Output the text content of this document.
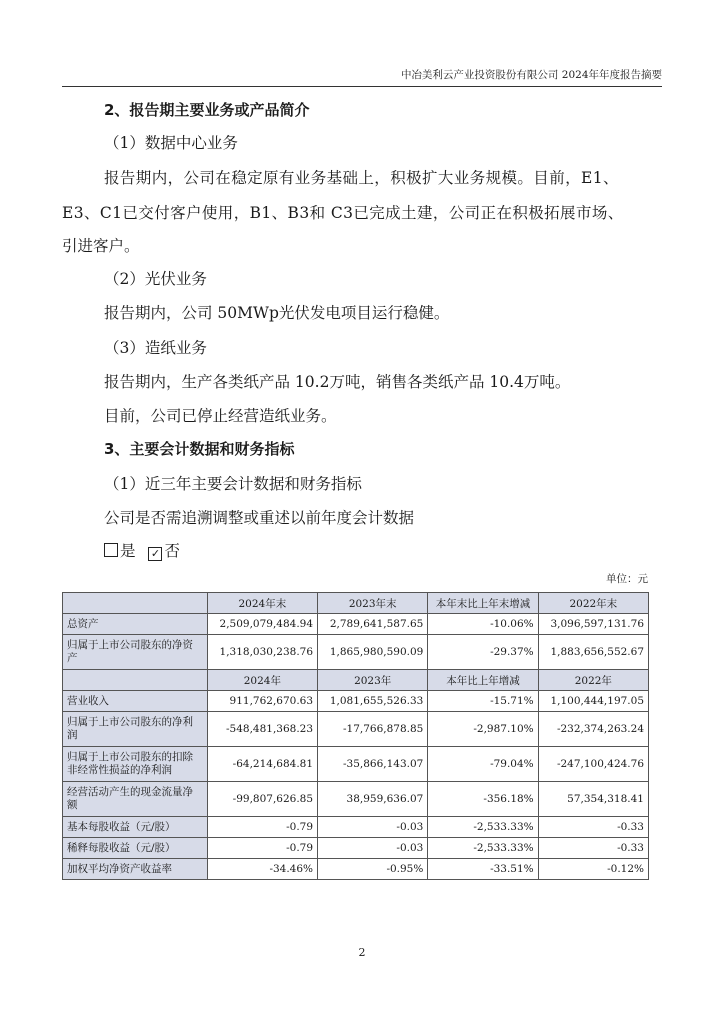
中冶美利云产业投资股份有限公司 2024年年度报告摘要
2、报告期主要业务或产品简介
（1）数据中心业务
报告期内，公司在稳定原有业务基础上，积极扩大业务规模。目前，E1、
E3、C1已交付客户使用，B1、B3和 C3已完成土建，公司正在积极拓展市场、
引进客户。
（2）光伏业务
报告期内，公司 50MWp光伏发电项目运行稳健。
（3）造纸业务
报告期内，生产各类纸产品 10.2万吨，销售各类纸产品 10.4万吨。
目前，公司已停止经营造纸业务。
3、主要会计数据和财务指标
（1）近三年主要会计数据和财务指标
公司是否需追溯调整或重述以前年度会计数据
是 ✓ 否
单位：元
	2024年末	2023年末	本年末比上年末增减	2022年末
总资产	2,509,079,484.94	2,789,641,587.65	-10.06%	3,096,597,131.76
归属于上市公司股东的净资产	1,318,030,238.76	1,865,980,590.09	-29.37%	1,883,656,552.67
	2024年	2023年	本年比上年增减	2022年
营业收入	911,762,670.63	1,081,655,526.33	-15.71%	1,100,444,197.05
归属于上市公司股东的净利润	-548,481,368.23	-17,766,878.85	-2,987.10%	-232,374,263.24
归属于上市公司股东的扣除非经常性损益的净利润	-64,214,684.81	-35,866,143.07	-79.04%	-247,100,424.76
经营活动产生的现金流量净额	-99,807,626.85	38,959,636.07	-356.18%	57,354,318.41
基本每股收益（元/股）	-0.79	-0.03	-2,533.33%	-0.33
稀释每股收益（元/股）	-0.79	-0.03	-2,533.33%	-0.33
加权平均净资产收益率	-34.46%	-0.95%	-33.51%	-0.12%
2
